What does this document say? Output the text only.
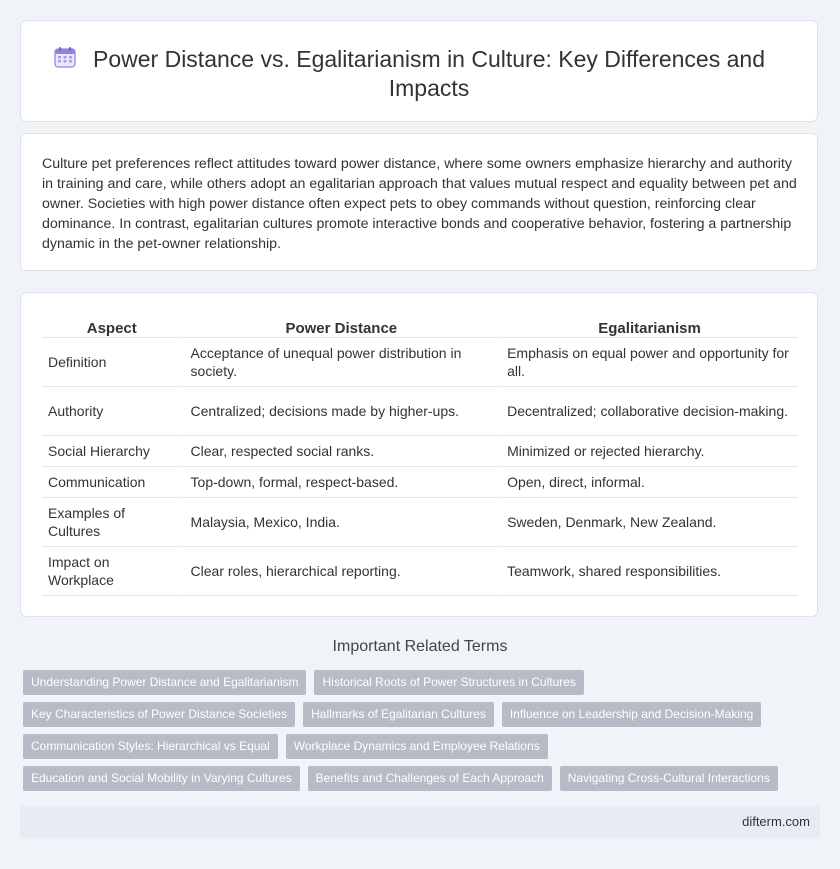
Power Distance vs. Egalitarianism in Culture: Key Differences and Impacts

Culture pet preferences reflect attitudes toward power distance, where some owners emphasize hierarchy and authority in training and care, while others adopt an egalitarian approach that values mutual respect and equality between pet and owner. Societies with high power distance often expect pets to obey commands without question, reinforcing clear dominance. In contrast, egalitarian cultures promote interactive bonds and cooperative behavior, fostering a partnership dynamic in the pet-owner relationship.

Aspect	Power Distance	Egalitarianism
Definition	Acceptance of unequal power distribution in society.	Emphasis on equal power and opportunity for all.
Authority	Centralized; decisions made by higher-ups.	Decentralized; collaborative decision-making.
Social Hierarchy	Clear, respected social ranks.	Minimized or rejected hierarchy.
Communication	Top-down, formal, respect-based.	Open, direct, informal.
Examples of Cultures	Malaysia, Mexico, India.	Sweden, Denmark, New Zealand.
Impact on Workplace	Clear roles, hierarchical reporting.	Teamwork, shared responsibilities.
Important Related Terms
Understanding Power Distance and Egalitarianism	Historical Roots of Power Structures in Cultures
Key Characteristics of Power Distance Societies	Hallmarks of Egalitarian Cultures	Influence on Leadership and Decision-Making
Communication Styles: Hierarchical vs Equal	Workplace Dynamics and Employee Relations
Education and Social Mobility in Varying Cultures	Benefits and Challenges of Each Approach	Navigating Cross-Cultural Interactions
difterm.com
